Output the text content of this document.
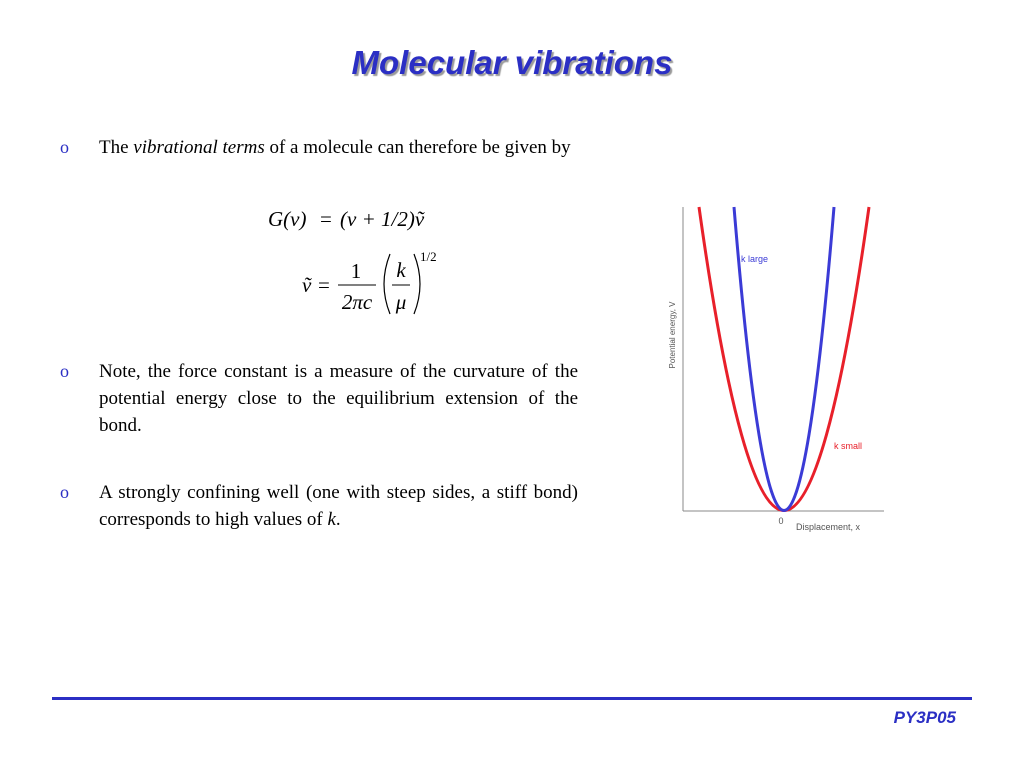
Molecular vibrations
o The vibrational terms of a molecule can therefore be given by
G(v) = (v + 1/2)ṽ
ṽ =
1
2πc
k
μ
1/2
o Note, the force constant is a measure of the curvature of the potential energy close to the equilibrium extension of the bond.
o A strongly confining well (one with steep sides, a stiff bond) corresponds to high values of k.
Potential energy, V
0
Displacement, x
k large
k small
PY3P05
